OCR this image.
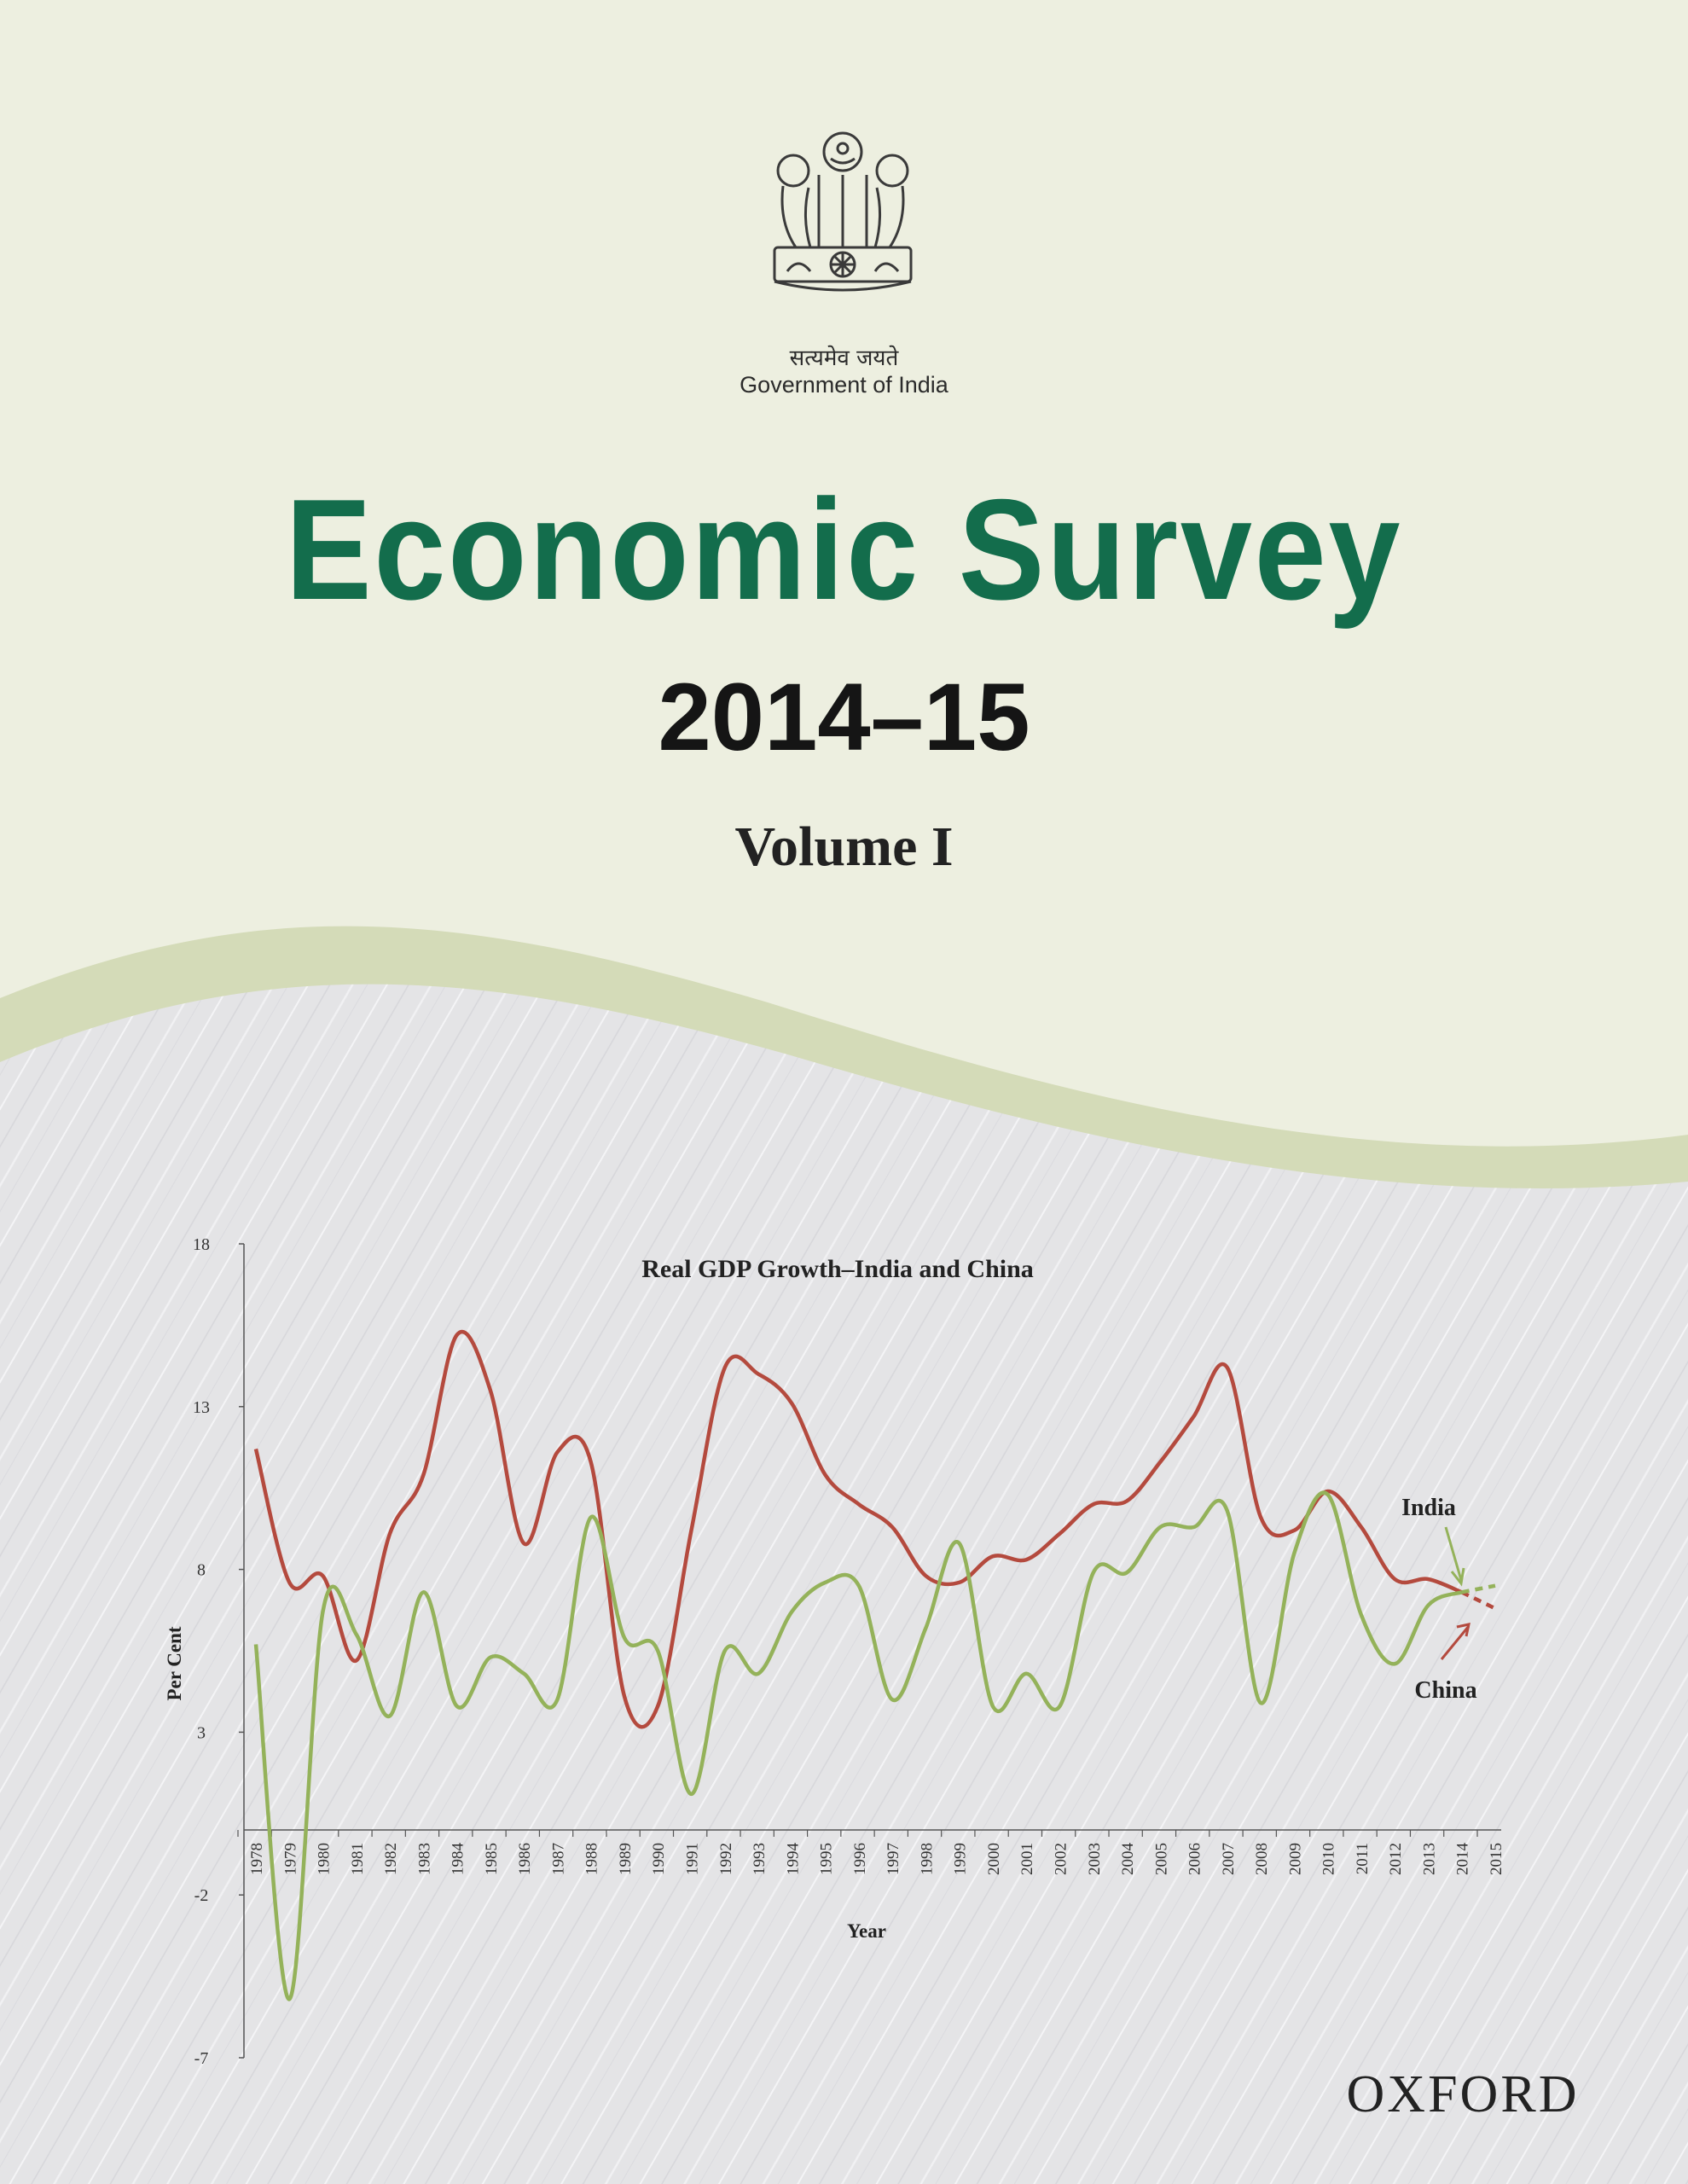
सत्यमेव जयते

Government of India

Economic Survey

2014–15

Volume I

Real GDP Growth–India and China
18
13
8
3
-2
-7
1978 1979 1980 1981 1982 1983 1984 1985 1986 1987 1988 1989 1990 1991 1992 1993 1994 1995 1996 1997 1998 1999 2000 2001 2002 2003 2004 2005 2006 2007 2008 2009 2010 2011 2012 2013 2014 2015
Per Cent
Year
India
China

OXFORD
